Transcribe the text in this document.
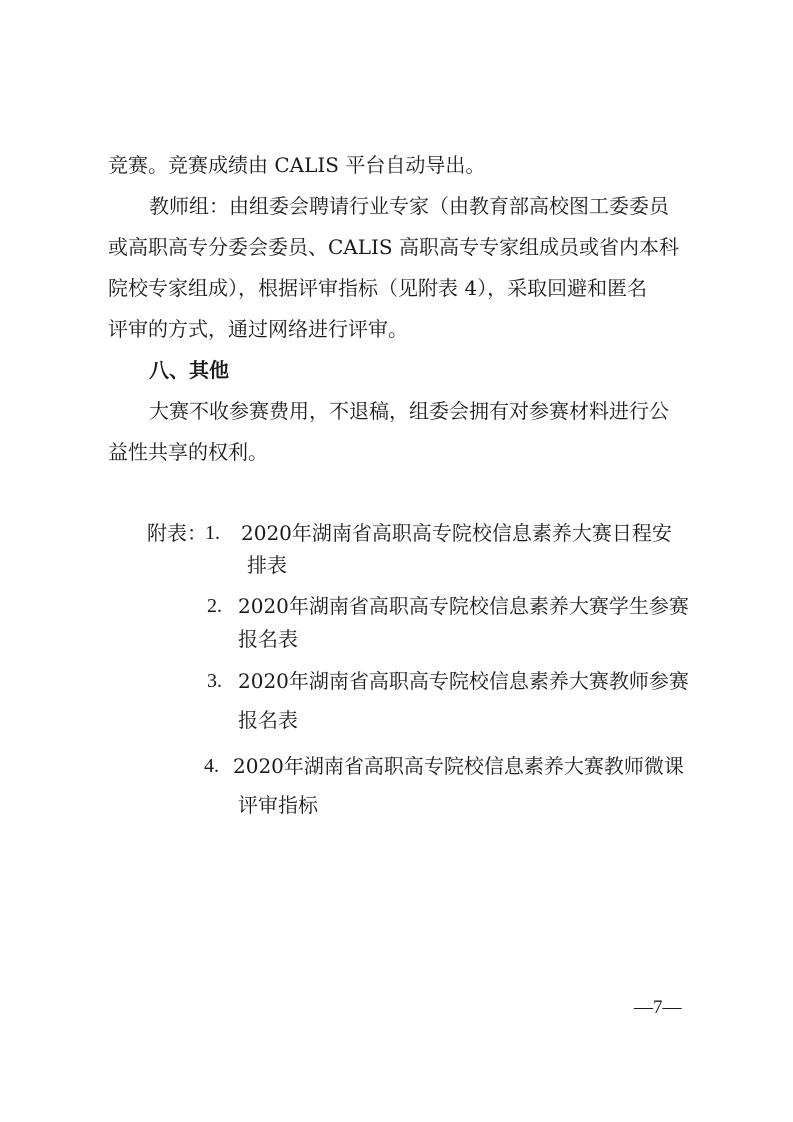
竞赛。竞赛成绩由 CALIS 平台自动导出。
教师组：由组委会聘请行业专家（由教育部高校图工委委员
或高职高专分委会委员、CALIS 高职高专专家组成员或省内本科
院校专家组成），根据评审指标（见附表 4），采取回避和匿名
评审的方式，通过网络进行评审。
八、其他
大赛不收参赛费用，不退稿，组委会拥有对参赛材料进行公
益性共享的权利。
附表：
1. 2020年湖南省高职高专院校信息素养大赛日程安
排表
2. 2020年湖南省高职高专院校信息素养大赛学生参赛
报名表
3. 2020年湖南省高职高专院校信息素养大赛教师参赛
报名表
4. 2020年湖南省高职高专院校信息素养大赛教师微课
评审指标
—7—
